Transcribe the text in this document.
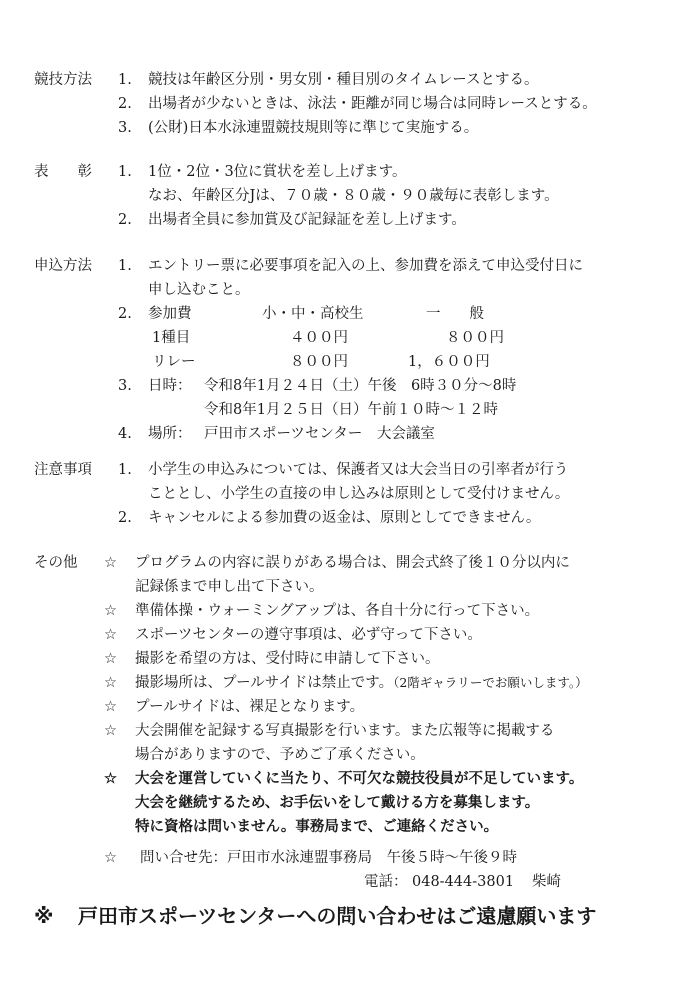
競技方法 1. 競技は年齢区分別・男女別・種目別のタイムレースとする。
2. 出場者が少ないときは、泳法・距離が同じ場合は同時レースとする。
3. (公財)日本水泳連盟競技規則等に準じて実施する。
表　　彰 1. 1位・2位・3位に賞状を差し上げます。
なお、年齢区分Jは、７０歳・８０歳・９０歳毎に表彰します。
2. 出場者全員に参加賞及び記録証を差し上げます。
申込方法 1. エントリー票に必要事項を記入の上、参加費を添えて申込受付日に
申し込むこと。
2. 参加費	小・中・高校生	一　　般
1種目	４００円	８００円
リレー	８００円	1，６００円
3. 日時： 令和8年1月２４日（土）午後　6時３０分～8時
令和8年1月２５日（日）午前１０時～１２時
4. 場所： 戸田市スポーツセンター　大会議室
注意事項 1. 小学生の申込みについては、保護者又は大会当日の引率者が行う
こととし、小学生の直接の申し込みは原則として受付けません。
2. キャンセルによる参加費の返金は、原則としてできません。
その他 ☆ プログラムの内容に誤りがある場合は、開会式終了後１０分以内に
記録係まで申し出て下さい。
☆ 準備体操・ウォーミングアップは、各自十分に行って下さい。
☆ スポーツセンターの遵守事項は、必ず守って下さい。
☆ 撮影を希望の方は、受付時に申請して下さい。
☆ 撮影場所は、プールサイドは禁止です。（2階ギャラリーでお願いします。）
☆ プールサイドは、裸足となります。
☆ 大会開催を記録する写真撮影を行います。また広報等に掲載する
場合がありますので、予めご了承ください。
☆ 大会を運営していくに当たり、不可欠な競技役員が不足しています。
大会を継続するため、お手伝いをして戴ける方を募集します。
特に資格は問いません。事務局まで、ご連絡ください。
☆ 問い合せ先：戸田市水泳連盟事務局　午後５時～午後９時
電話： 048-444-3801 柴崎
※ 戸田市スポーツセンターへの問い合わせはご遠慮願います
